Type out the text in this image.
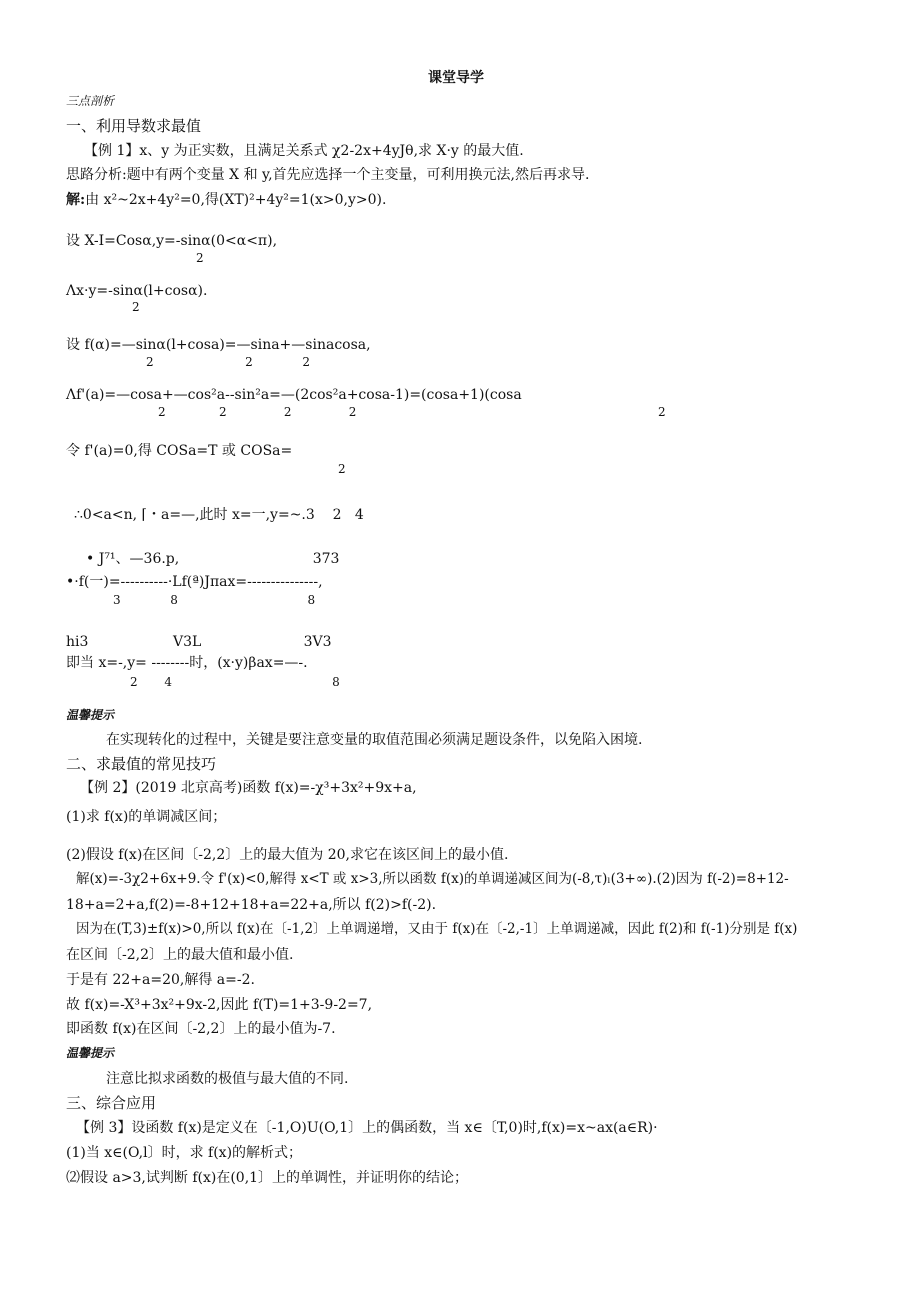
课堂导学
三点剖析
一、利用导数求最值
【例 1】x、y 为正实数，且满足关系式 χ2-2x+4yJθ,求 X·y 的最大值.
思路分析:题中有两个变量 X 和 y,首先应选择一个主变量，可利用换元法,然后再求导.
解:由 x²~2x+4y²=0,得(XT)²+4y²=1(x>0,y>0).
设 X-I=Cosα,y=-sinα(0<α<π),
2
Λx·y=-sinα(l+cosα).
2
设 f(α)=—sinα(l+cosa)=—sina+—sinacosa,
2                        2             2
Λf'(a)=—cosa+—cos²a--sin²a=—(2cos²a+cosa-1)=(cosa+1)(cosa
2              2               2               2	2
令 f'(a)=0,得 COSa=T 或 COSa=
2
∴0<a<n, ⌈・a=—,此时 x=一,y=~.3    2   4
• J⁷¹、—36.p,                              373
•·f(一)=----------·Lf(ª)Jπax=---------------,
3             8                                  8
hi3                   V3L                       3V3
即当 x=-,y= --------时，(x·y)βax=—-.
2       4                                          8
温馨提示
在实现转化的过程中，关键是要注意变量的取值范围必须满足题设条件，以免陷入困境.
二、求最值的常见技巧
【例 2】(2019 北京高考)函数 f(x)=-χ³+3x²+9x+a,
(1)求 f(x)的单调减区间；
(2)假设 f(x)在区间〔-2,2〕上的最大值为 20,求它在该区间上的最小值.
解(x)=-3χ2+6x+9.令 f'(x)<0,解得 x<T 或 x>3,所以函数 f(x)的单调递减区间为(-8,τ)ₗ(3+∞).(2)因为 f(-2)=8+12-
18+a=2+a,f(2)=-8+12+18+a=22+a,所以 f(2)>f(-2).
因为在(T,3)±f(x)>0,所以 f(x)在〔-1,2〕上单调递增，又由于 f(x)在〔-2,-1〕上单调递减，因此 f(2)和 f(-1)分别是 f(x)
在区间〔-2,2〕上的最大值和最小值.
于是有 22+a=20,解得 a=-2.
故 f(x)=-X³+3x²+9x-2,因此 f(T)=1+3-9-2=7,
即函数 f(x)在区间〔-2,2〕上的最小值为-7.
温馨提示
注意比拟求函数的极值与最大值的不同.
三、综合应用
【例 3】设函数 f(x)是定义在〔-1,O)U(O,1〕上的偶函数，当 x∈〔T,0)时,f(x)=x~ax(a∈R)·
(1)当 x∈(O,l〕时，求 f(x)的解析式；
⑵假设 a>3,试判断 f(x)在(0,1〕上的单调性，并证明你的结论；
